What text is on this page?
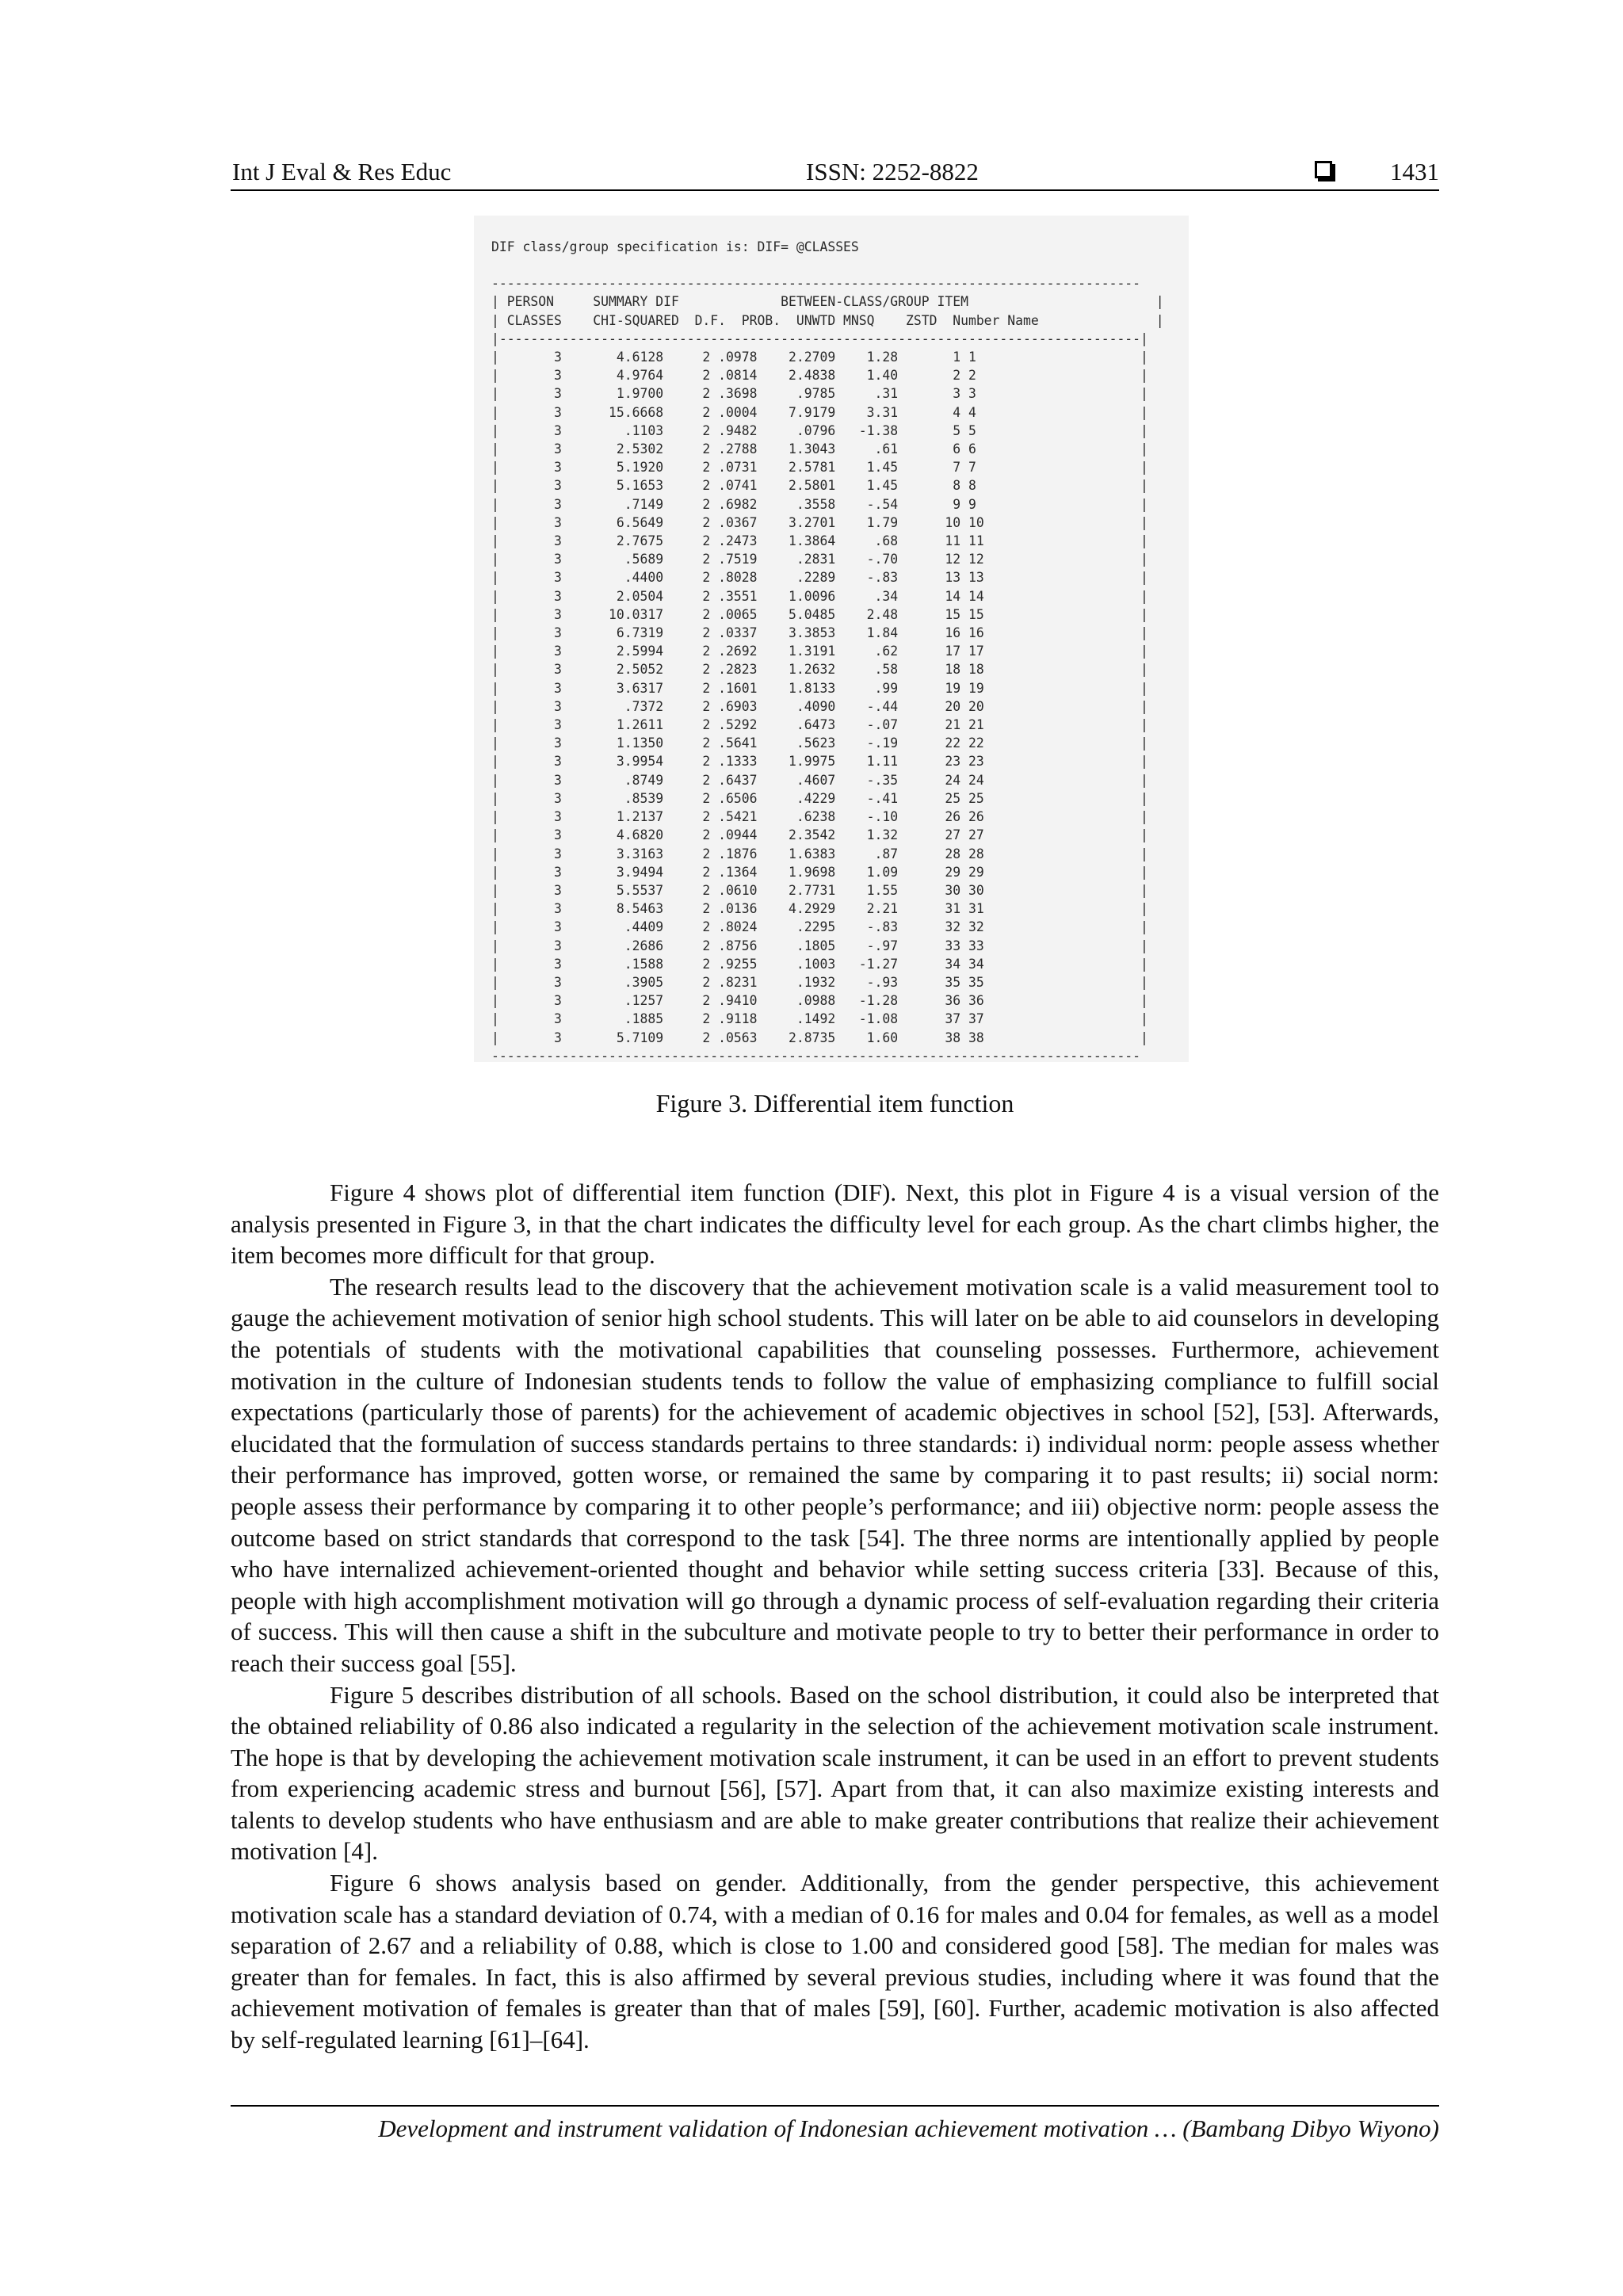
Int J Eval & Res Educ	ISSN: 2252-8822	1431
DIF class/group specification is: DIF= @CLASSES
-----------------------------------------------------------------------------------
| PERSON     SUMMARY DIF             BETWEEN-CLASS/GROUP ITEM                        |
| CLASSES    CHI-SQUARED  D.F.  PROB.  UNWTD MNSQ    ZSTD  Number Name               |
|----------------------------------------------------------------------------------|
|       3       4.6128     2 .0978    2.2709    1.28       1 1                     |
|       3       4.9764     2 .0814    2.4838    1.40       2 2                     |
|       3       1.9700     2 .3698     .9785     .31       3 3                     |
|       3      15.6668     2 .0004    7.9179    3.31       4 4                     |
|       3        .1103     2 .9482     .0796   -1.38       5 5                     |
|       3       2.5302     2 .2788    1.3043     .61       6 6                     |
|       3       5.1920     2 .0731    2.5781    1.45       7 7                     |
|       3       5.1653     2 .0741    2.5801    1.45       8 8                     |
|       3        .7149     2 .6982     .3558    -.54       9 9                     |
|       3       6.5649     2 .0367    3.2701    1.79      10 10                    |
|       3       2.7675     2 .2473    1.3864     .68      11 11                    |
|       3        .5689     2 .7519     .2831    -.70      12 12                    |
|       3        .4400     2 .8028     .2289    -.83      13 13                    |
|       3       2.0504     2 .3551    1.0096     .34      14 14                    |
|       3      10.0317     2 .0065    5.0485    2.48      15 15                    |
|       3       6.7319     2 .0337    3.3853    1.84      16 16                    |
|       3       2.5994     2 .2692    1.3191     .62      17 17                    |
|       3       2.5052     2 .2823    1.2632     .58      18 18                    |
|       3       3.6317     2 .1601    1.8133     .99      19 19                    |
|       3        .7372     2 .6903     .4090    -.44      20 20                    |
|       3       1.2611     2 .5292     .6473    -.07      21 21                    |
|       3       1.1350     2 .5641     .5623    -.19      22 22                    |
|       3       3.9954     2 .1333    1.9975    1.11      23 23                    |
|       3        .8749     2 .6437     .4607    -.35      24 24                    |
|       3        .8539     2 .6506     .4229    -.41      25 25                    |
|       3       1.2137     2 .5421     .6238    -.10      26 26                    |
|       3       4.6820     2 .0944    2.3542    1.32      27 27                    |
|       3       3.3163     2 .1876    1.6383     .87      28 28                    |
|       3       3.9494     2 .1364    1.9698    1.09      29 29                    |
|       3       5.5537     2 .0610    2.7731    1.55      30 30                    |
|       3       8.5463     2 .0136    4.2929    2.21      31 31                    |
|       3        .4409     2 .8024     .2295    -.83      32 32                    |
|       3        .2686     2 .8756     .1805    -.97      33 33                    |
|       3        .1588     2 .9255     .1003   -1.27      34 34                    |
|       3        .3905     2 .8231     .1932    -.93      35 35                    |
|       3        .1257     2 .9410     .0988   -1.28      36 36                    |
|       3        .1885     2 .9118     .1492   -1.08      37 37                    |
|       3       5.7109     2 .0563    2.8735    1.60      38 38                    |
-----------------------------------------------------------------------------------
Figure 3. Differential item function

Figure 4 shows plot of differential item function (DIF). Next, this plot in Figure 4 is a visual version of the analysis presented in Figure 3, in that the chart indicates the difficulty level for each group. As the chart climbs higher, the item becomes more difficult for that group.

The research results lead to the discovery that the achievement motivation scale is a valid measurement tool to gauge the achievement motivation of senior high school students. This will later on be able to aid counselors in developing the potentials of students with the motivational capabilities that counseling possesses. Furthermore, achievement motivation in the culture of Indonesian students tends to follow the value of emphasizing compliance to fulfill social expectations (particularly those of parents) for the achievement of academic objectives in school [52], [53]. Afterwards, elucidated that the formulation of success standards pertains to three standards: i) individual norm: people assess whether their performance has improved, gotten worse, or remained the same by comparing it to past results; ii) social norm: people assess their performance by comparing it to other people’s performance; and iii) objective norm: people assess the outcome based on strict standards that correspond to the task [54]. The three norms are intentionally applied by people who have internalized achievement-oriented thought and behavior while setting success criteria [33]. Because of this, people with high accomplishment motivation will go through a dynamic process of self-evaluation regarding their criteria of success. This will then cause a shift in the subculture and motivate people to try to better their performance in order to reach their success goal [55].

Figure 5 describes distribution of all schools. Based on the school distribution, it could also be interpreted that the obtained reliability of 0.86 also indicated a regularity in the selection of the achievement motivation scale instrument. The hope is that by developing the achievement motivation scale instrument, it can be used in an effort to prevent students from experiencing academic stress and burnout [56], [57]. Apart from that, it can also maximize existing interests and talents to develop students who have enthusiasm and are able to make greater contributions that realize their achievement motivation [4].

Figure 6 shows analysis based on gender. Additionally, from the gender perspective, this achievement motivation scale has a standard deviation of 0.74, with a median of 0.16 for males and 0.04 for females, as well as a model separation of 2.67 and a reliability of 0.88, which is close to 1.00 and considered good [58]. The median for males was greater than for females. In fact, this is also affirmed by several previous studies, including where it was found that the achievement motivation of females is greater than that of males [59], [60]. Further, academic motivation is also affected by self-regulated learning [61]–[64].

Development and instrument validation of Indonesian achievement motivation … (Bambang Dibyo Wiyono)
